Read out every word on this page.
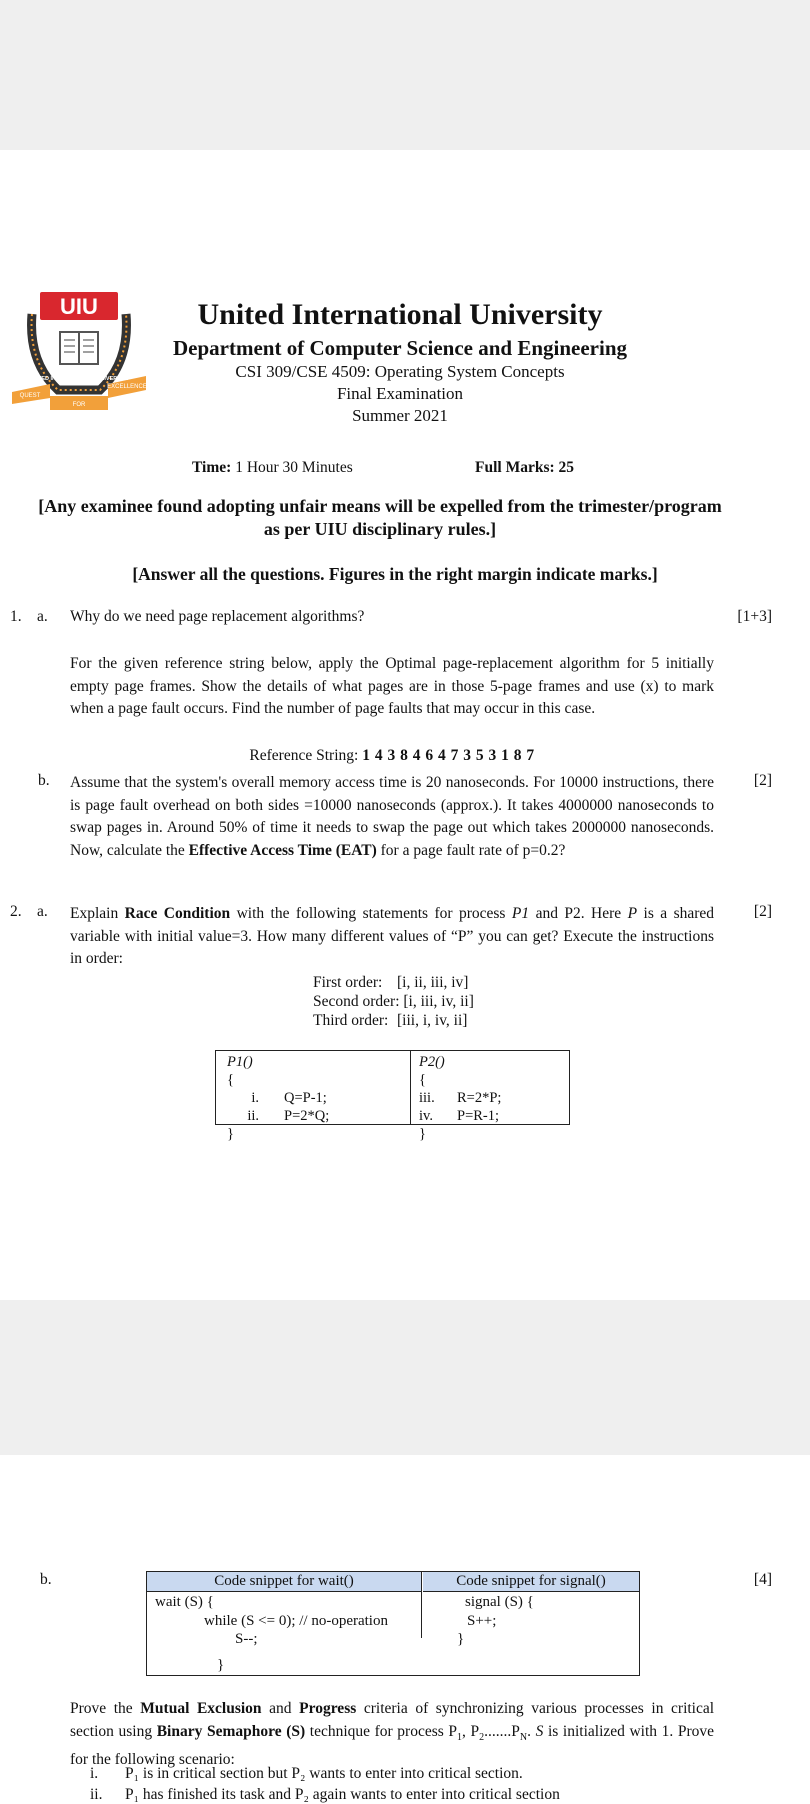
UIU
QUEST
FOR
EXCELLENCE
UNITED INTERNATIONAL UNIVERSITY
United International University
Department of Computer Science and Engineering
CSI 309/CSE 4509: Operating System Concepts
Final Examination
Summer 2021
Time: 1 Hour 30 Minutes	Full Marks: 25
[Any examinee found adopting unfair means will be expelled from the trimester/program
as per UIU disciplinary rules.]
[Answer all the questions. Figures in the right margin indicate marks.]
1. a. Why do we need page replacement algorithms?	[1+3]
For the given reference string below, apply the Optimal page-replacement algorithm for 5 initially empty page frames. Show the details of what pages are in those 5-page frames and use (x) to mark when a page fault occurs. Find the number of page faults that may occur in this case.
Reference String: 1 4 3 8 4 6 4 7 3 5 3 1 8 7
b.	[2]
Assume that the system's overall memory access time is 20 nanoseconds. For 10000 instructions, there is page fault overhead on both sides =10000 nanoseconds (approx.). It takes 4000000 nanoseconds to swap pages in. Around 50% of time it needs to swap the page out which takes 2000000 nanoseconds. Now, calculate the Effective Access Time (EAT) for a page fault rate of p=0.2?
2. a.	[2]
Explain Race Condition with the following statements for process P1 and P2. Here P is a shared variable with initial value=3. How many different values of “P” you can get? Execute the instructions in order:
First order: [i, ii, iii, iv]
Second order: [i, iii, iv, ii]
Third order: [iii, i, iv, ii]
P1()
{
i. Q=P-1;
ii. P=2*Q;
}
P2()
{
iii. R=2*P;
iv. P=R-1;
}
b.	[4]
Code snippet for wait()	Code snippet for signal()
wait (S) {
while (S <= 0); // no-operation
S--;
}
signal (S) {
S++;
}
Prove the Mutual Exclusion and Progress criteria of synchronizing various processes in critical section using Binary Semaphore (S) technique for process $P_1$, $P_2.......P_N$. S is initialized with 1. Prove for the following scenario:
i. P₁ is in critical section but P₂ wants to enter into critical section.
ii. P₁ has finished its task and P₂ again wants to enter into critical section
